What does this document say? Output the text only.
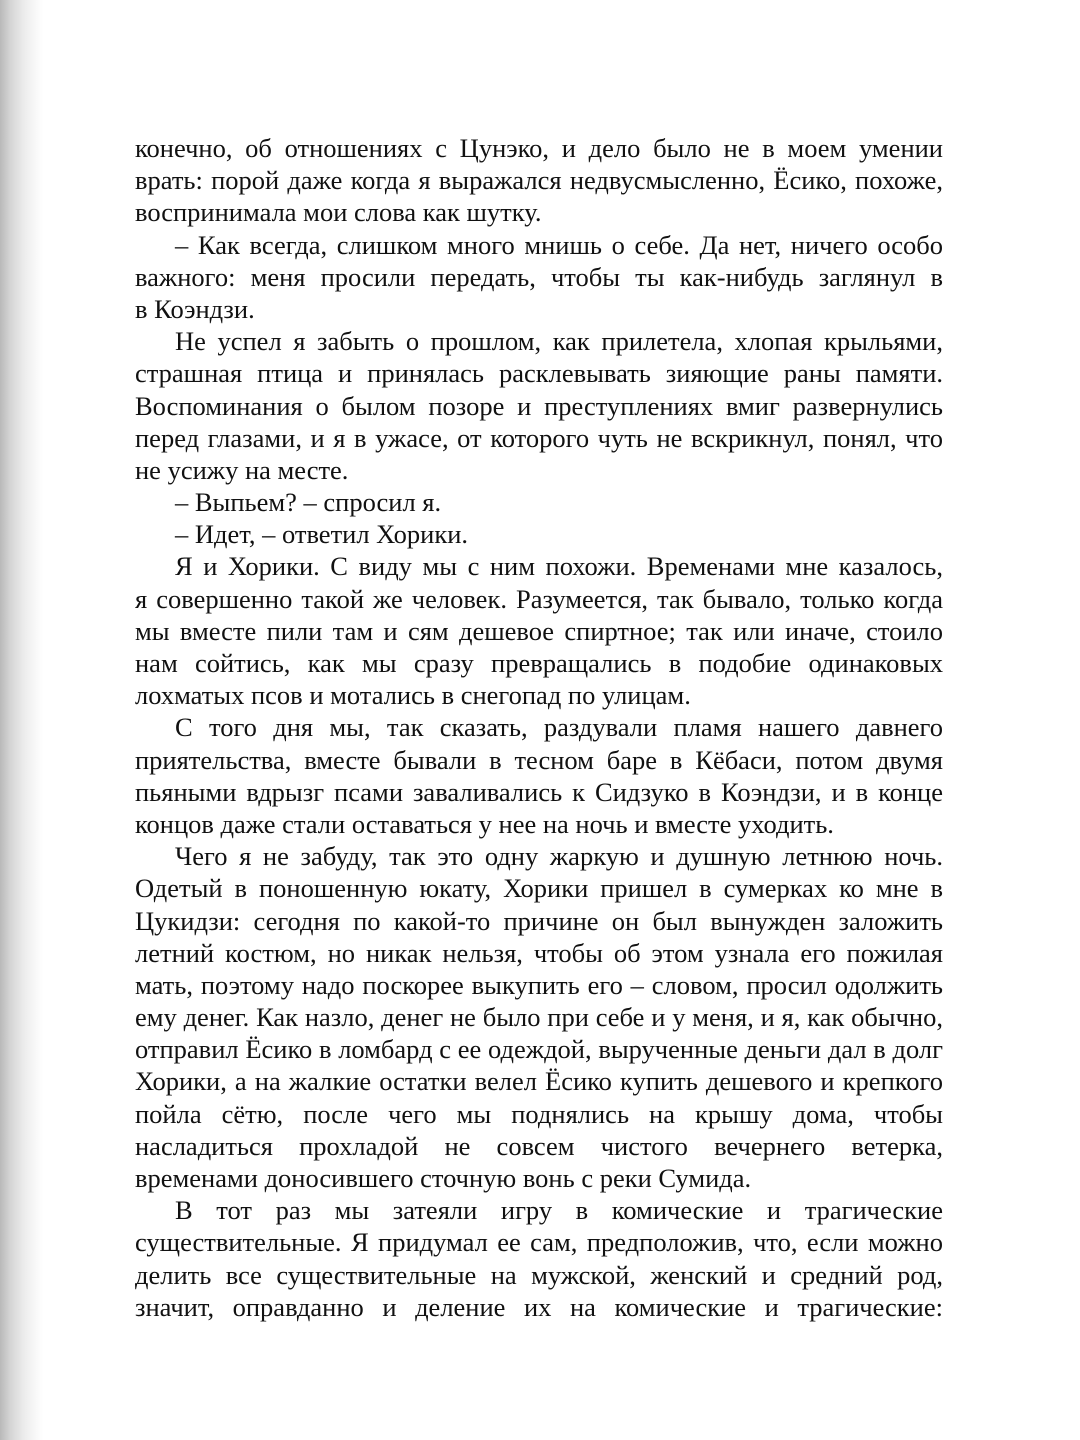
конечно, об отношениях с Цунэко, и дело было не в моем умении
врать: порой даже когда я выражался недвусмысленно, Ёсико, похоже,
воспринимала мои слова как шутку.
– Как всегда, слишком много мнишь о себе. Да нет, ничего особо
важного: меня просили передать, чтобы ты как-нибудь заглянул в
в Коэндзи.
Не успел я забыть о прошлом, как прилетела, хлопая крыльями,
страшная птица и принялась расклевывать зияющие раны памяти.
Воспоминания о былом позоре и преступлениях вмиг развернулись
перед глазами, и я в ужасе, от которого чуть не вскрикнул, понял, что
не усижу на месте.
– Выпьем? – спросил я.
– Идет, – ответил Хорики.
Я и Хорики. С виду мы с ним похожи. Временами мне казалось,
я совершенно такой же человек. Разумеется, так бывало, только когда
мы вместе пили там и сям дешевое спиртное; так или иначе, стоило
нам сойтись, как мы сразу превращались в подобие одинаковых
лохматых псов и мотались в снегопад по улицам.
С того дня мы, так сказать, раздували пламя нашего давнего
приятельства, вместе бывали в тесном баре в Кёбаси, потом двумя
пьяными вдрызг псами заваливались к Сидзуко в Коэндзи, и в конце
концов даже стали оставаться у нее на ночь и вместе уходить.
Чего я не забуду, так это одну жаркую и душную летнюю ночь.
Одетый в поношенную юкату, Хорики пришел в сумерках ко мне в
Цукидзи: сегодня по какой-то причине он был вынужден заложить
летний костюм, но никак нельзя, чтобы об этом узнала его пожилая
мать, поэтому надо поскорее выкупить его – словом, просил одолжить
ему денег. Как назло, денег не было при себе и у меня, и я, как обычно,
отправил Ёсико в ломбард с ее одеждой, вырученные деньги дал в долг
Хорики, а на жалкие остатки велел Ёсико купить дешевого и крепкого
пойла сётю, после чего мы поднялись на крышу дома, чтобы
насладиться прохладой не совсем чистого вечернего ветерка,
временами доносившего сточную вонь с реки Сумида.
В тот раз мы затеяли игру в комические и трагические
существительные. Я придумал ее сам, предположив, что, если можно
делить все существительные на мужской, женский и средний род,
значит, оправданно и деление их на комические и трагические:
